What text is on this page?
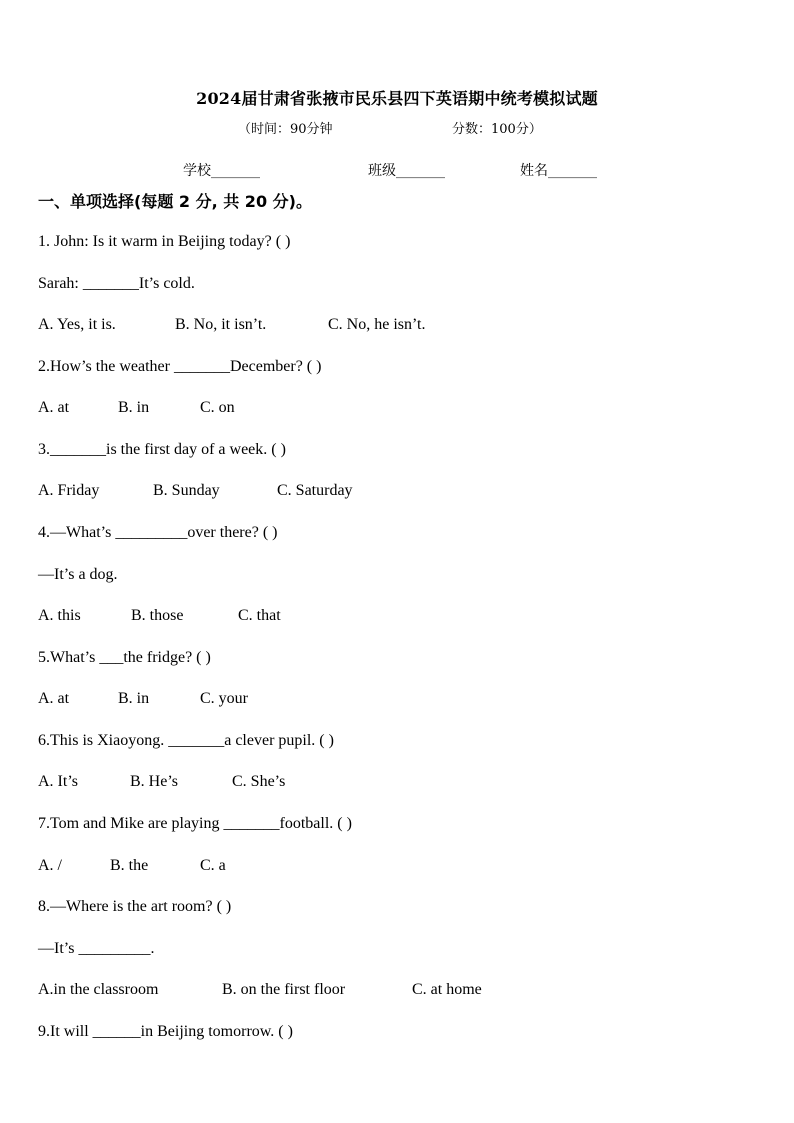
2024届甘肃省张掖市民乐县四下英语期中统考模拟试题
（时间：90分钟	分数：100分）
学校_______	班级_______	姓名_______
一、单项选择(每题 2 分, 共 20 分)。
1. John: Is it warm in Beijing today? ( )
Sarah: _______It’s cold.
A. Yes, it is.	B. No, it isn’t.	C. No, he isn’t.
2.How’s the weather _______December? ( )
A. at	B. in	C. on
3._______is the first day of a week. ( )
A. Friday	B. Sunday	C. Saturday
4.—What’s _________over there? ( )
—It’s a dog.
A. this	B. those	C. that
5.What’s ___the fridge? ( )
A. at	B. in	C. your
6.This is Xiaoyong. _______a clever pupil. ( )
A. It’s	B. He’s	C. She’s
7.Tom and Mike are playing _______football. ( )
A. /	B. the	C. a
8.—Where is the art room? ( )
—It’s _________.
A.in the classroom	B. on the first floor	C. at home
9.It will ______in Beijing tomorrow. ( )
